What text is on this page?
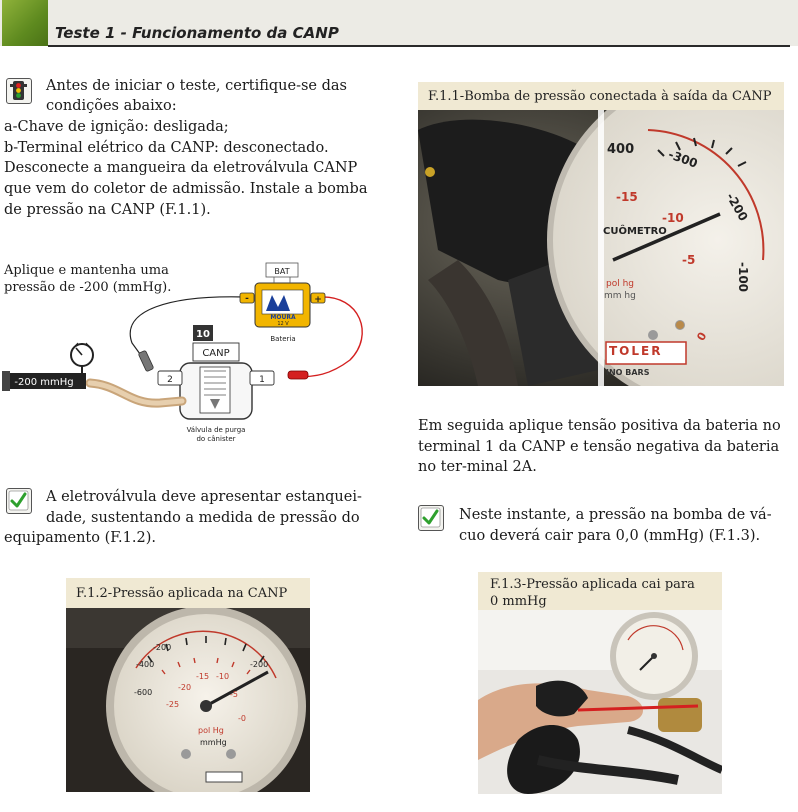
Teste 1 - Funcionamento da CANP
Antes de iniciar o teste, certifique-se das
condições abaixo:
a-Chave de ignição: desligada;
b-Terminal elétrico da CANP: desconectado.
Desconecte a mangueira da eletroválvula CANP
que vem do coletor de admissão. Instale a bomba
de pressão na CANP (F.1.1).
Aplique e mantenha uma
pressão de -200 (mmHg).
BAT
MOURA
12 V
Bateria
-	+
10
CANP
2	1
Válvula de purga
do cânister
-200 mmHg
A eletroválvula deve apresentar estanquei-
dade, sustentando a medida de pressão do
equipamento (F.1.2).
F.1.1-Bomba de pressão conectada à saída da CANP
400	-300
-200
-100
-15
-10
-5
0
CUÔMETRO
pol hg
mm hg
TOLER
INO BARS
Em seguida aplique tensão positiva da bateria no
terminal 1 da CANP e tensão negativa da bateria
no ter-minal 2A.
Neste instante, a pressão na bomba de vá-
cuo deverá cair para 0,0 (mmHg) (F.1.3).
F.1.2-Pressão aplicada na CANP
-200
-400
-600
-25
-20
-15 -10
-5
-0
pol Hg
mmHg
-200
F.1.3-Pressão aplicada cai para
0 mmHg
